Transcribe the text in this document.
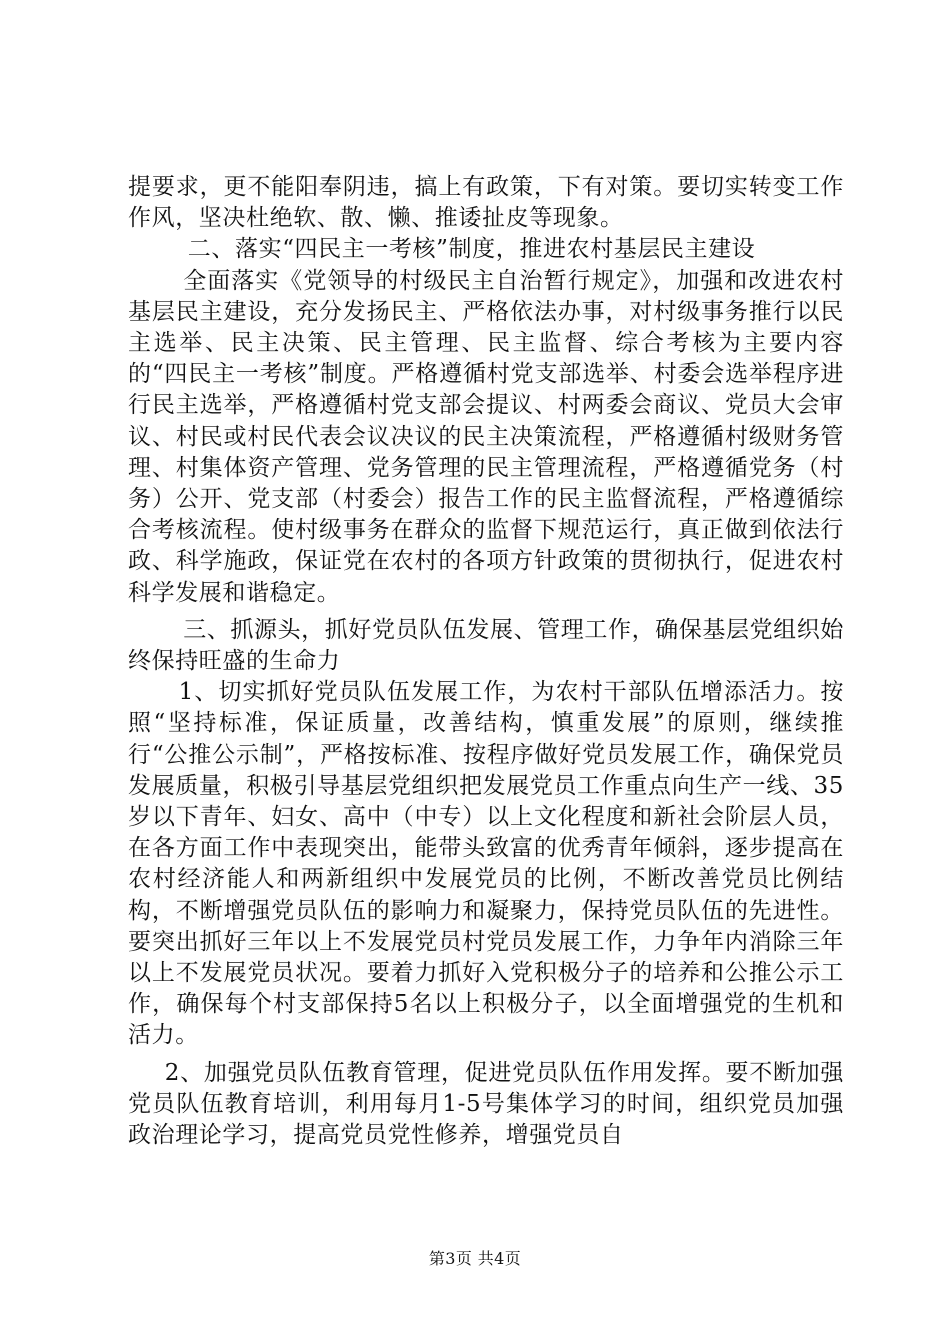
提要求，更不能阳奉阴违，搞上有政策，下有对策。要切实转变工作作风，坚决杜绝软、散、懒、推诿扯皮等现象。

二、落实“四民主一考核”制度，推进农村基层民主建设

全面落实《党领导的村级民主自治暂行规定》，加强和改进农村基层民主建设，充分发扬民主、严格依法办事，对村级事务推行以民主选举、民主决策、民主管理、民主监督、综合考核为主要内容的“四民主一考核”制度。严格遵循村党支部选举、村委会选举程序进行民主选举，严格遵循村党支部会提议、村两委会商议、党员大会审议、村民或村民代表会议决议的民主决策流程，严格遵循村级财务管理、村集体资产管理、党务管理的民主管理流程，严格遵循党务（村务）公开、党支部（村委会）报告工作的民主监督流程，严格遵循综合考核流程。使村级事务在群众的监督下规范运行，真正做到依法行政、科学施政，保证党在农村的各项方针政策的贯彻执行，促进农村科学发展和谐稳定。

三、抓源头，抓好党员队伍发展、管理工作，确保基层党组织始终保持旺盛的生命力

1、切实抓好党员队伍发展工作，为农村干部队伍增添活力。按照“坚持标准，保证质量，改善结构，慎重发展”的原则，继续推行“公推公示制”，严格按标准、按程序做好党员发展工作，确保党员发展质量，积极引导基层党组织把发展党员工作重点向生产一线、35岁以下青年、妇女、高中（中专）以上文化程度和新社会阶层人员，在各方面工作中表现突出，能带头致富的优秀青年倾斜，逐步提高在农村经济能人和两新组织中发展党员的比例，不断改善党员比例结构，不断增强党员队伍的影响力和凝聚力，保持党员队伍的先进性。要突出抓好三年以上不发展党员村党员发展工作，力争年内消除三年以上不发展党员状况。要着力抓好入党积极分子的培养和公推公示工作，确保每个村支部保持5名以上积极分子，以全面增强党的生机和活力。

2、加强党员队伍教育管理，促进党员队伍作用发挥。要不断加强党员队伍教育培训，利用每月1-5号集体学习的时间，组织党员加强政治理论学习，提高党员党性修养，增强党员自

第3页 共4页
